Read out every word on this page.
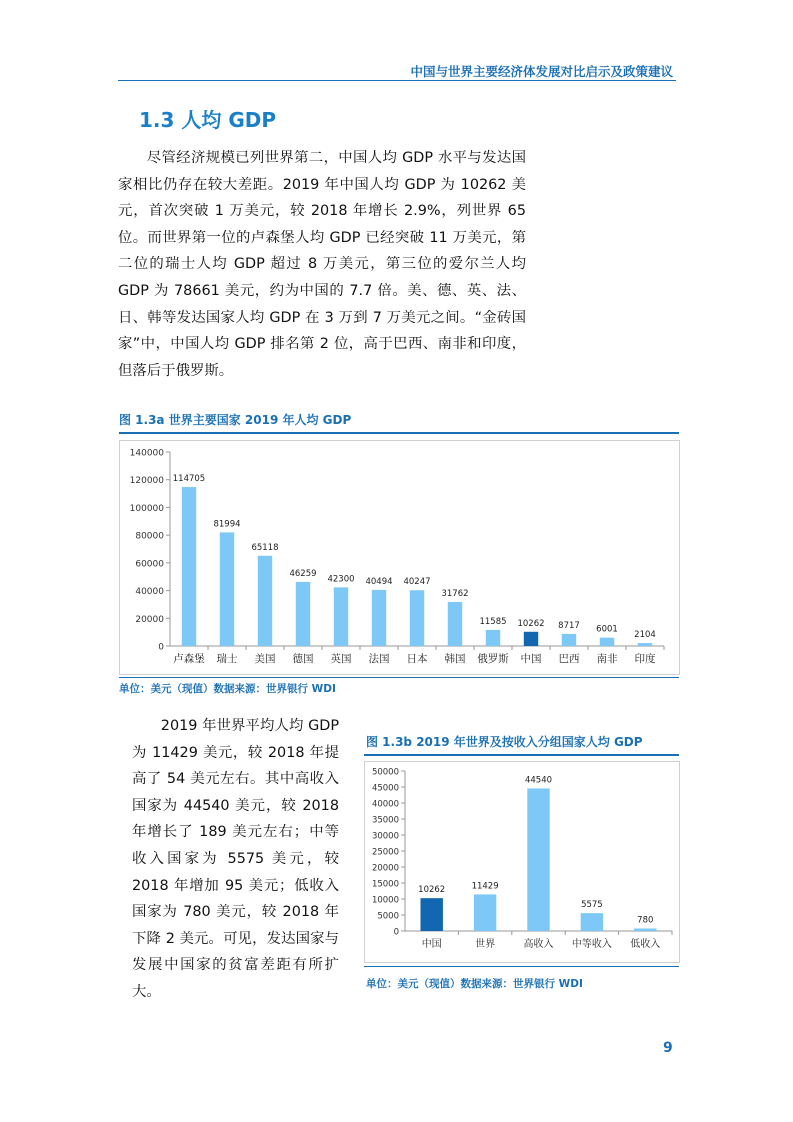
中国与世界主要经济体发展对比启示及政策建议
1.3 人均 GDP

尽管经济规模已列世界第二，中国人均 GDP 水平与发达国家相比仍存在较大差距。2019 年中国人均 GDP 为 10262 美元，首次突破 1 万美元，较 2018 年增长 2.9%，列世界 65 位。而世界第一位的卢森堡人均 GDP 已经突破 11 万美元，第二位的瑞士人均 GDP 超过 8 万美元，第三位的爱尔兰人均 GDP 为 78661 美元，约为中国的 7.7 倍。美、德、英、法、日、韩等发达国家人均 GDP 在 3 万到 7 万美元之间。“金砖国家”中，中国人均 GDP 排名第 2 位，高于巴西、南非和印度，但落后于俄罗斯。

图 1.3a 世界主要国家 2019 年人均 GDP
0
20000
40000
60000
80000
100000
120000
140000
114705
卢森堡
81994
瑞士
65118
美国
46259
德国
42300
英国
40494
法国
40247
日本
31762
韩国
11585
俄罗斯
10262
中国
8717
巴西
6001
南非
2104
印度
单位：美元（现值）数据来源：世界银行 WDI

2019 年世界平均人均 GDP 为 11429 美元，较 2018 年提高了 54 美元左右。其中高收入国家为 44540 美元，较 2018 年增长了 189 美元左右；中等收入国家为 5575 美元，较 2018 年增加 95 美元；低收入国家为 780 美元，较 2018 年下降 2 美元。可见，发达国家与发展中国家的贫富差距有所扩大。

图 1.3b 2019 年世界及按收入分组国家人均 GDP
0
5000
10000
15000
20000
25000
30000
35000
40000
45000
50000
10262
中国
11429
世界
44540
高收入
5575
中等收入
780
低收入
单位：美元（现值）数据来源：世界银行 WDI
9
